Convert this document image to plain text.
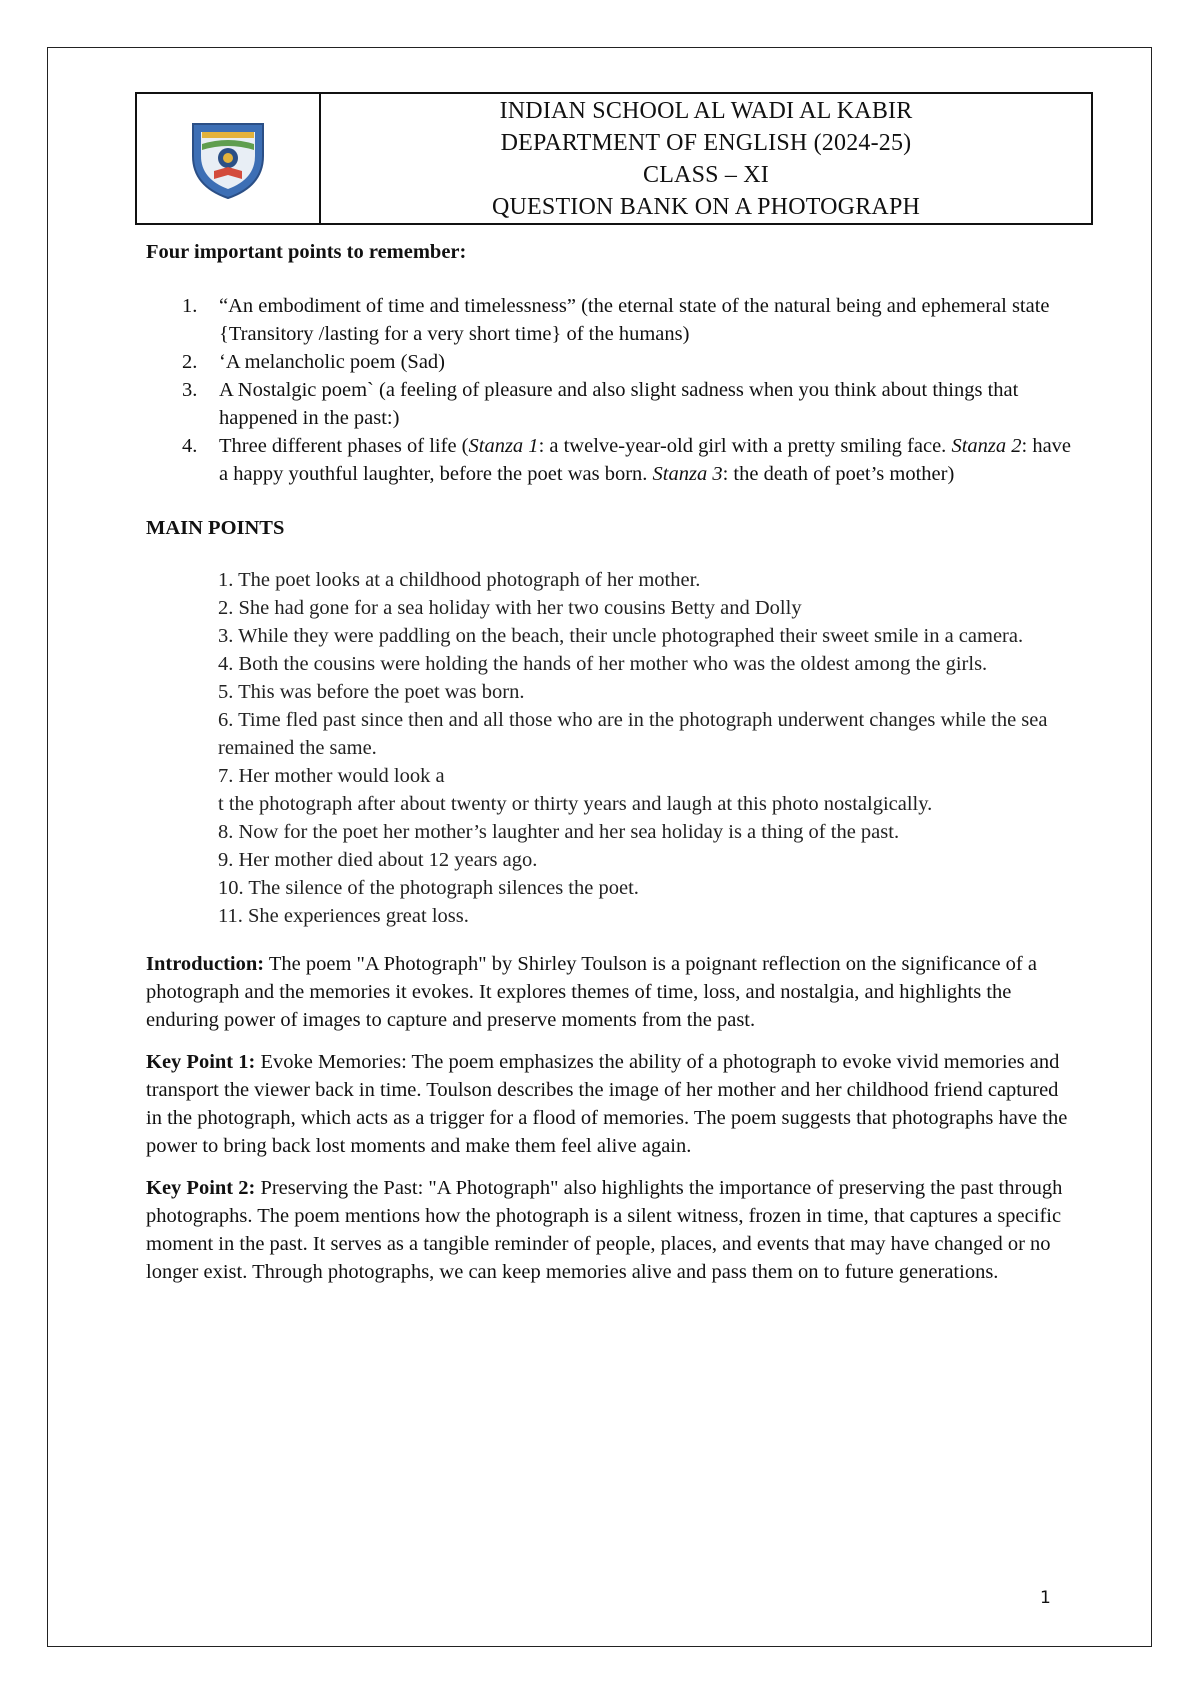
INDIAN SCHOOL AL WADI AL KABIR
DEPARTMENT OF ENGLISH (2024-25)
CLASS – XI
QUESTION BANK ON A PHOTOGRAPH

Four important points to remember:

1.	“An embodiment of time and timelessness” (the eternal state of the natural being and ephemeral state {Transitory /lasting for a very short time} of the humans)
2.	‘A melancholic poem (Sad)
3.	A Nostalgic poem` (a feeling of pleasure and also slight sadness when you think about things that happened in the past:)
4.	Three different phases of life (Stanza 1: a twelve-year-old girl with a pretty smiling face. Stanza 2: have a happy youthful laughter, before the poet was born. Stanza 3: the death of poet’s mother)

MAIN POINTS

1. The poet looks at a childhood photograph of her mother.
2. She had gone for a sea holiday with her two cousins Betty and Dolly
3. While they were paddling on the beach, their uncle photographed their sweet smile in a camera.
4. Both the cousins were holding the hands of her mother who was the oldest among the girls.
5. This was before the poet was born.
6. Time fled past since then and all those who are in the photograph underwent changes while the sea remained the same.
7. Her mother would look a
t the photograph after about twenty or thirty years and laugh at this photo nostalgically.
8. Now for the poet her mother’s laughter and her sea holiday is a thing of the past.
9. Her mother died about 12 years ago.
10. The silence of the photograph silences the poet.
11. She experiences great loss.

Introduction: The poem "A Photograph" by Shirley Toulson is a poignant reflection on the significance of a photograph and the memories it evokes. It explores themes of time, loss, and nostalgia, and highlights the enduring power of images to capture and preserve moments from the past.

Key Point 1: Evoke Memories: The poem emphasizes the ability of a photograph to evoke vivid memories and transport the viewer back in time. Toulson describes the image of her mother and her childhood friend captured in the photograph, which acts as a trigger for a flood of memories. The poem suggests that photographs have the power to bring back lost moments and make them feel alive again.

Key Point 2: Preserving the Past: "A Photograph" also highlights the importance of preserving the past through photographs. The poem mentions how the photograph is a silent witness, frozen in time, that captures a specific moment in the past. It serves as a tangible reminder of people, places, and events that may have changed or no longer exist. Through photographs, we can keep memories alive and pass them on to future generations.

1
